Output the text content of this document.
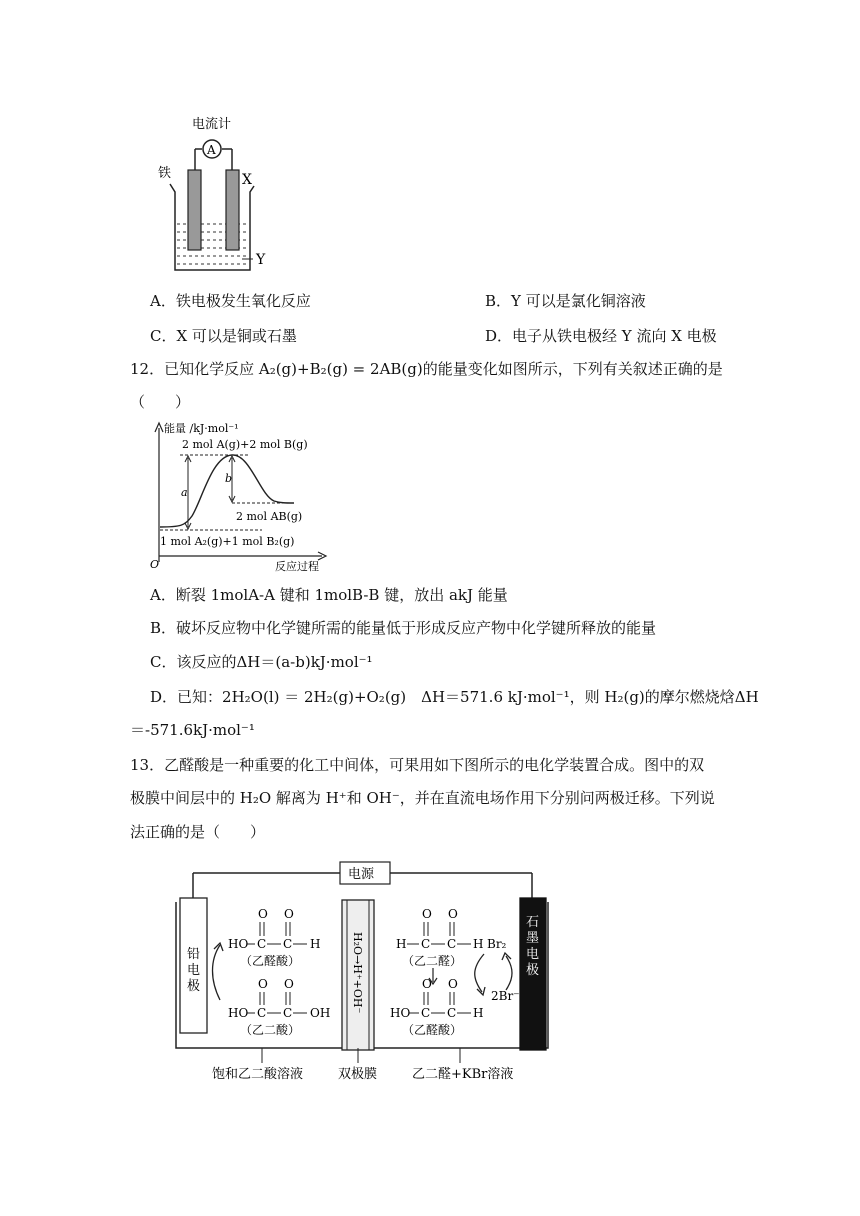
电流计
A
铁	X
Y
A．铁电极发生氧化反应	B．Y 可以是氯化铜溶液
C．X 可以是铜或石墨	D．电子从铁电极经 Y 流向 X 电极
12．已知化学反应 A₂(g)+B₂(g) = 2AB(g)的能量变化如图所示，下列有关叙述正确的是
（　　）
能量 /kJ·mol⁻¹
O	反应过程
a
b
2 mol A(g)+2 mol B(g)
2 mol AB(g)
1 mol A₂(g)+1 mol B₂(g)
A．断裂 1molA-A 键和 1molB-B 键，放出 akJ 能量
B．破坏反应物中化学键所需的能量低于形成反应产物中化学键所释放的能量
C．该反应的ΔH＝(a-b)kJ·mol⁻¹
D．已知：2H₂O(l) ＝ 2H₂(g)+O₂(g)　ΔH＝571.6 kJ·mol⁻¹，则 H₂(g)的摩尔燃烧焓ΔH
＝-571.6kJ·mol⁻¹
13．乙醛酸是一种重要的化工中间体，可果用如下图所示的电化学装置合成。图中的双
极膜中间层中的 H₂O 解离为 H⁺和 OH⁻，并在直流电场作用下分别问两极迁移。下列说
法正确的是（　　）
电源
铅电极
石墨电极
H₂O→H⁺+OH⁻
O O
HO C C H
（乙醛酸）
O O
HO C C OH
（乙二酸）
O O
H C C H
（乙二醛）
O O
HO C C H
（乙醛酸）
Br₂
2Br⁻
饱和乙二酸溶液	双极膜	乙二醛+KBr溶液
